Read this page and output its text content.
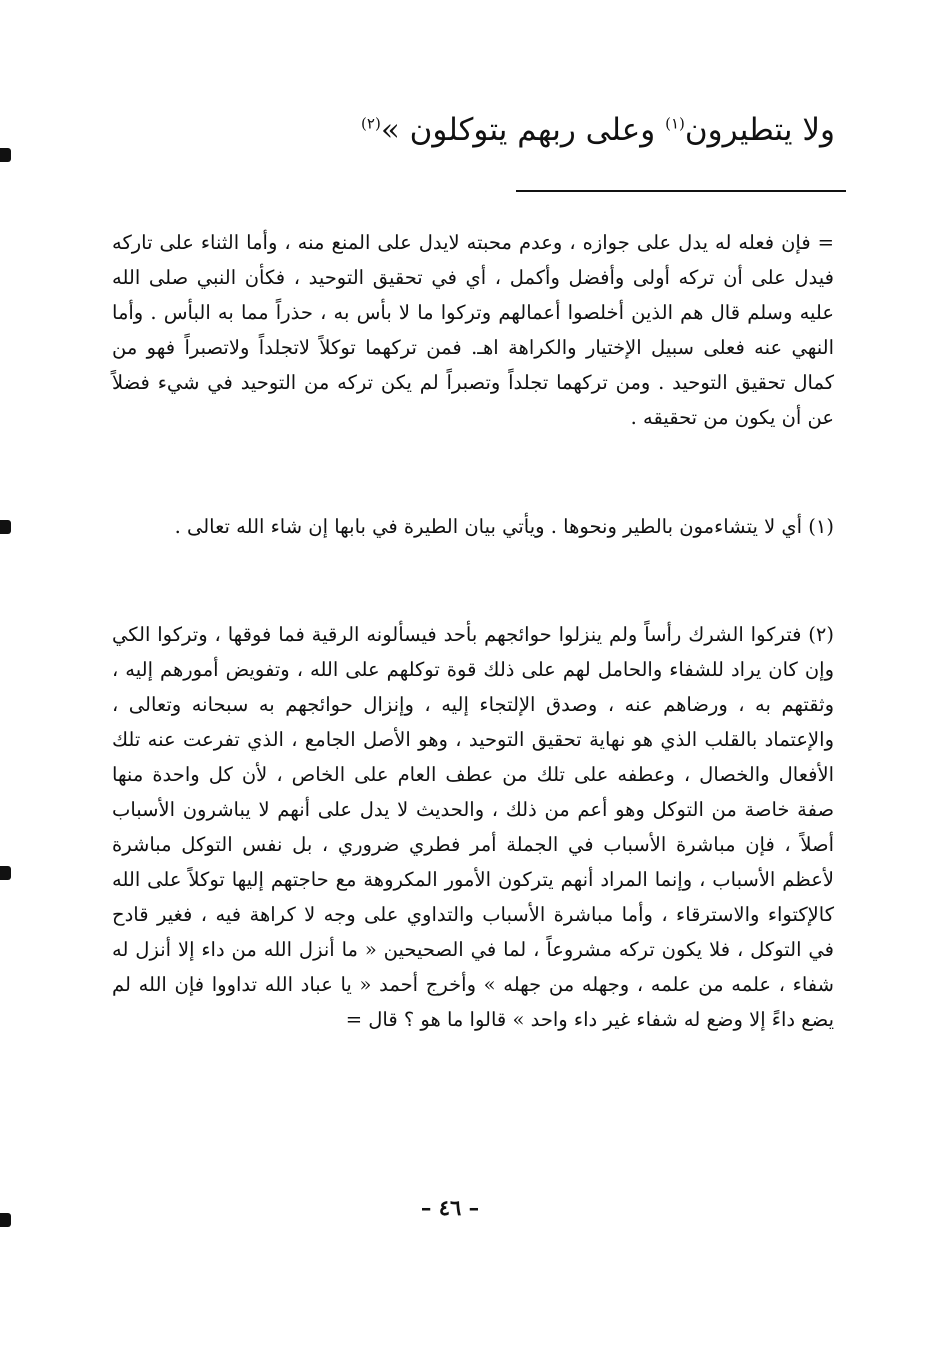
ولا يتطيرون$^{(١)}$ وعلى ربهم يتوكلون »$^{(٢)}$
= فإن فعله له يدل على جوازه ، وعدم محبته لايدل على المنع منه ، وأما الثناء على تاركه فيدل على أن تركه أولى وأفضل وأكمل ، أي في تحقيق التوحيد ، فكأن النبي صلى الله عليه وسلم قال هم الذين أخلصوا أعمالهم وتركوا ما لا بأس به ، حذراً مما به البأس . وأما النهي عنه فعلى سبيل الإختيار والكراهة اهـ. فمن تركهما توكلاً لاتجلداً ولاتصبراً فهو من كمال تحقيق التوحيد . ومن تركهما تجلداً وتصبراً لم يكن تركه من التوحيد في شيء فضلاً عن أن يكون من تحقيقه .
(١) أي لا يتشاءمون بالطير ونحوها . ويأتي بيان الطيرة في بابها إن شاء الله تعالى .
(٢) فتركوا الشرك رأساً ولم ينزلوا حوائجهم بأحد فيسألونه الرقية فما فوقها ، وتركوا الكي وإن كان يراد للشفاء والحامل لهم على ذلك قوة توكلهم على الله ، وتفويض أمورهم إليه ، وثقتهم به ، ورضاهم عنه ، وصدق الإلتجاء إليه ، وإنزال حوائجهم به سبحانه وتعالى ، والإعتماد بالقلب الذي هو نهاية تحقيق التوحيد ، وهو الأصل الجامع ، الذي تفرعت عنه تلك الأفعال والخصال ، وعطفه على تلك من عطف العام على الخاص ، لأن كل واحدة منها صفة خاصة من التوكل وهو أعم من ذلك ، والحديث لا يدل على أنهم لا يباشرون الأسباب أصلاً ، فإن مباشرة الأسباب في الجملة أمر فطري ضروري ، بل نفس التوكل مباشرة لأعظم الأسباب ، وإنما المراد أنهم يتركون الأمور المكروهة مع حاجتهم إليها توكلاً على الله كالإكتواء والاسترقاء ، وأما مباشرة الأسباب والتداوي على وجه لا كراهة فيه ، فغير قادح في التوكل ، فلا يكون تركه مشروعاً ، لما في الصحيحين « ما أنزل الله من داء إلا أنزل له شفاء ، علمه من علمه ، وجهله من جهله » وأخرج أحمد « يا عباد الله تداووا فإن الله لم يضع داءً إلا وضع له شفاء غير داء واحد » قالوا ما هو ؟ قال =
– ٤٦ –
